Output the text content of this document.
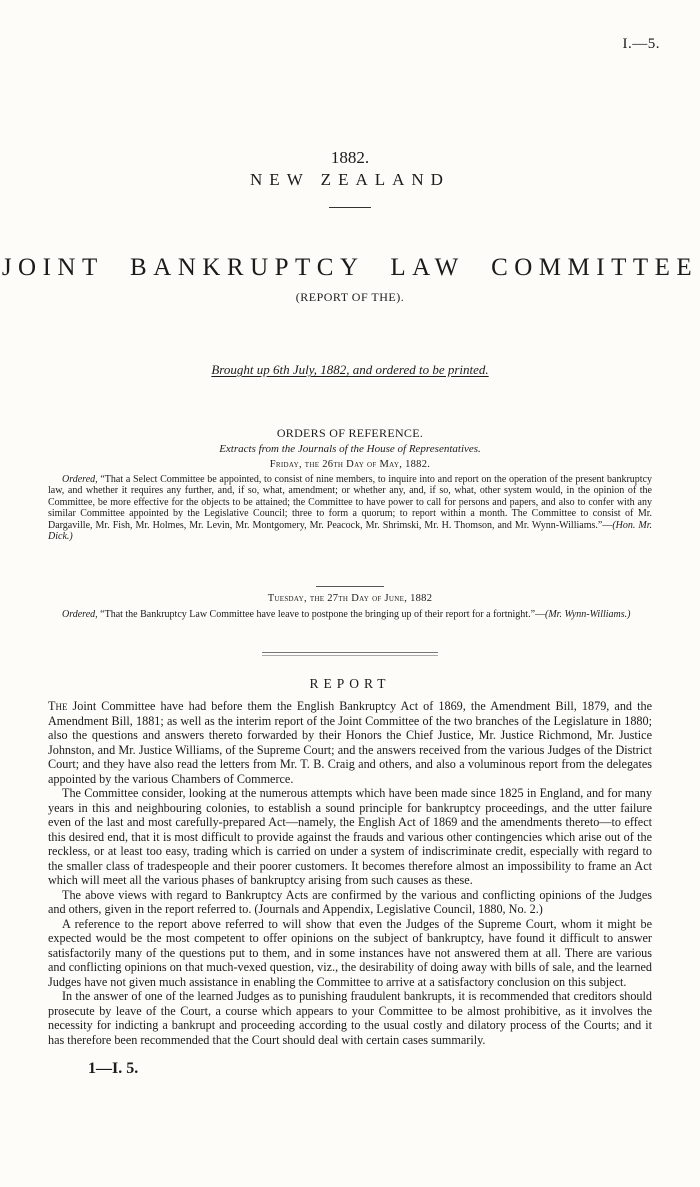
I.—5.
1882.
NEW ZEALAND
JOINT BANKRUPTCY LAW COMMITTEE
(REPORT OF THE).
Brought up 6th July, 1882, and ordered to be printed.
ORDERS OF REFERENCE.
Extracts from the Journals of the House of Representatives.
Friday, the 26th Day of May, 1882.
Ordered, “That a Select Committee be appointed, to consist of nine members, to inquire into and report on the operation of the present bankruptcy law, and whether it requires any further, and, if so, what, amendment; or whether any, and, if so, what, other system would, in the opinion of the Committee, be more effective for the objects to be attained; the Committee to have power to call for persons and papers, and also to confer with any similar Committee appointed by the Legislative Council; three to form a quorum; to report within a month. The Committee to consist of Mr. Dargaville, Mr. Fish, Mr. Holmes, Mr. Levin, Mr. Montgomery, Mr. Peacock, Mr. Shrimski, Mr. H. Thomson, and Mr. Wynn-Williams.”—(Hon. Mr. Dick.)
Tuesday, the 27th Day of June, 1882
Ordered, “That the Bankruptcy Law Committee have leave to postpone the bringing up of their report for a fortnight.”—(Mr. Wynn-Williams.)
REPORT

The Joint Committee have had before them the English Bankruptcy Act of 1869, the Amendment Bill, 1879, and the Amendment Bill, 1881; as well as the interim report of the Joint Committee of the two branches of the Legislature in 1880; also the questions and answers thereto forwarded by their Honors the Chief Justice, Mr. Justice Richmond, Mr. Justice Johnston, and Mr. Justice Williams, of the Supreme Court; and the answers received from the various Judges of the District Court; and they have also read the letters from Mr. T. B. Craig and others, and also a voluminous report from the delegates appointed by the various Chambers of Commerce.

The Committee consider, looking at the numerous attempts which have been made since 1825 in England, and for many years in this and neighbouring colonies, to establish a sound principle for bankruptcy proceedings, and the utter failure even of the last and most carefully-prepared Act—namely, the English Act of 1869 and the amendments thereto—to effect this desired end, that it is most difficult to provide against the frauds and various other contingencies which arise out of the reckless, or at least too easy, trading which is carried on under a system of indiscriminate credit, especially with regard to the smaller class of tradespeople and their poorer customers. It becomes therefore almost an impossibility to frame an Act which will meet all the various phases of bankruptcy arising from such causes as these.

The above views with regard to Bankruptcy Acts are confirmed by the various and conflicting opinions of the Judges and others, given in the report referred to. (Journals and Appendix, Legislative Council, 1880, No. 2.)

A reference to the report above referred to will show that even the Judges of the Supreme Court, whom it might be expected would be the most competent to offer opinions on the subject of bankruptcy, have found it difficult to answer satisfactorily many of the questions put to them, and in some instances have not answered them at all. There are various and conflicting opinions on that much-vexed question, viz., the desirability of doing away with bills of sale, and the learned Judges have not given much assistance in enabling the Committee to arrive at a satisfactory conclusion on this subject.

In the answer of one of the learned Judges as to punishing fraudulent bankrupts, it is recommended that creditors should prosecute by leave of the Court, a course which appears to your Committee to be almost prohibitive, as it involves the necessity for indicting a bankrupt and proceeding according to the usual costly and dilatory process of the Courts; and it has therefore been recommended that the Court should deal with certain cases summarily.

1—I. 5.
